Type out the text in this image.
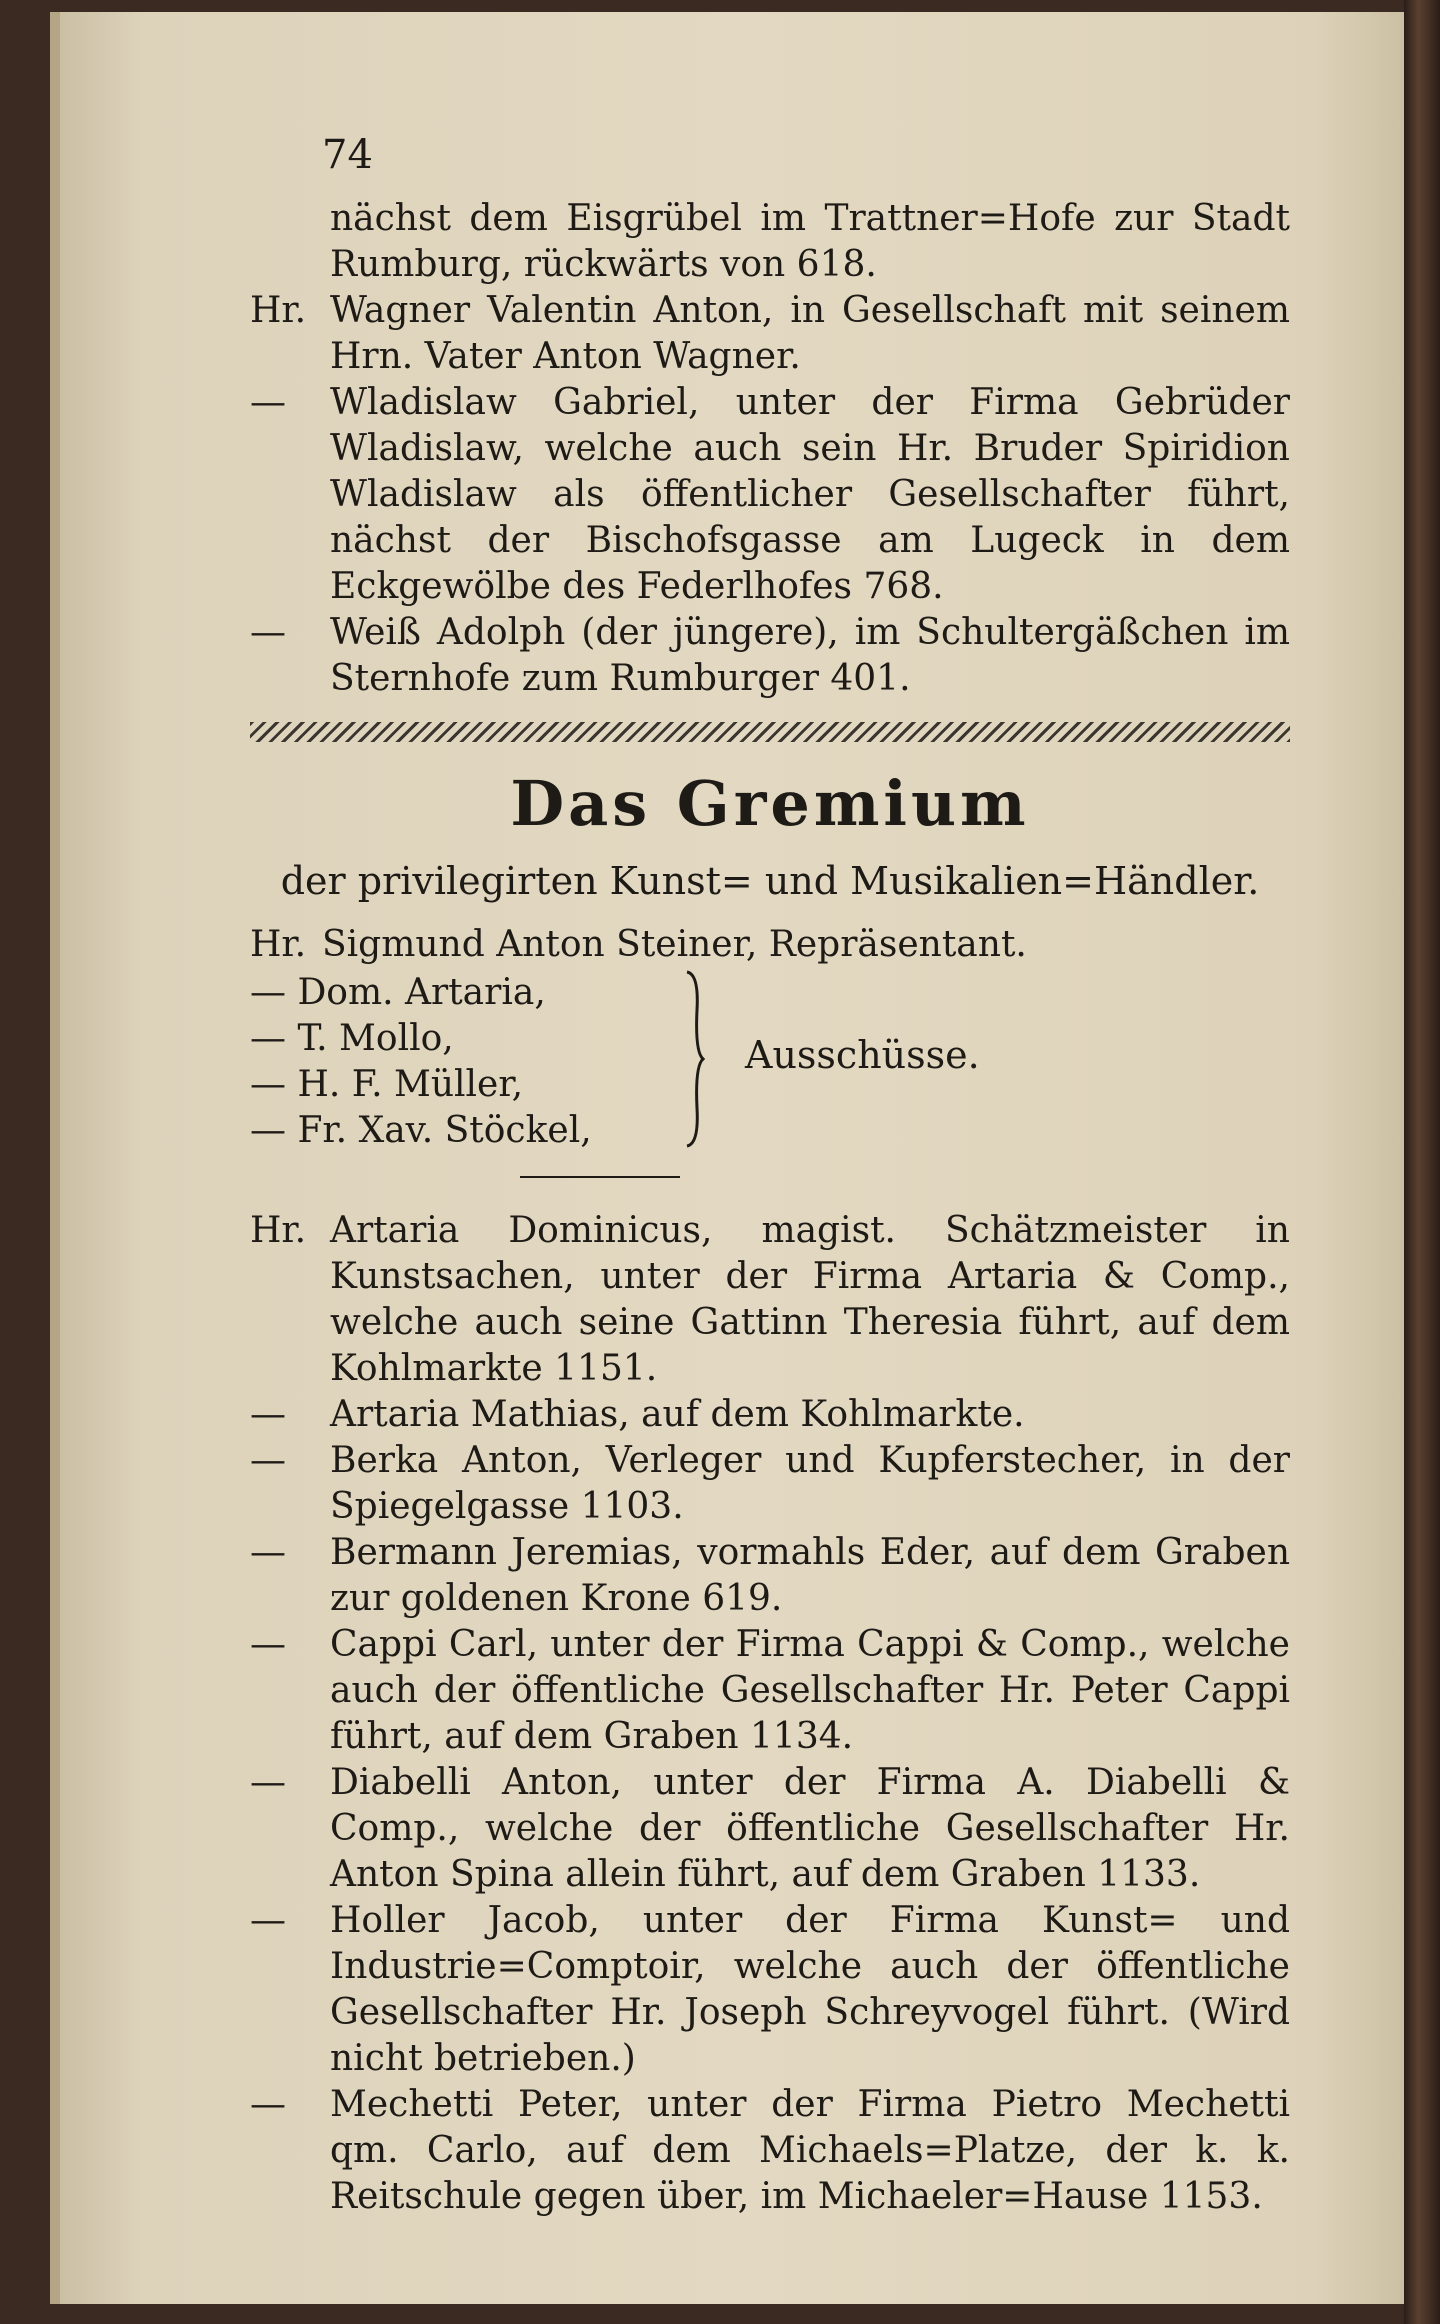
74
nächst dem Eisgrübel im Trattner=Hofe zur Stadt Rumburg, rückwärts von 618.
Hr. Wagner Valentin Anton, in Gesellschaft mit seinem Hrn. Vater Anton Wagner.
—	Wladislaw Gabriel, unter der Firma Gebrüder Wladislaw, welche auch sein Hr. Bruder Spiridion Wladislaw als öffentlicher Gesellschafter führt, nächst der Bischofsgasse am Lugeck in dem Eckgewölbe des Federlhofes 768.
—	Weiß Adolph (der jüngere), im Schultergäßchen im Sternhofe zum Rumburger 401.
Das Gremium
der privilegirten Kunst= und Musikalien=Händler.
Hr. Sigmund Anton Steiner, Repräsentant.
— Dom. Artaria,
— T. Mollo,
— H. F. Müller,
— Fr. Xav. Stöckel,
Ausschüsse.
Hr. Artaria Dominicus, magist. Schätzmeister in Kunstsachen, unter der Firma Artaria & Comp., welche auch seine Gattinn Theresia führt, auf dem Kohlmarkte 1151.
—	Artaria Mathias, auf dem Kohlmarkte.
—	Berka Anton, Verleger und Kupferstecher, in der Spiegelgasse 1103.
—	Bermann Jeremias, vormahls Eder, auf dem Graben zur goldenen Krone 619.
—	Cappi Carl, unter der Firma Cappi & Comp., welche auch der öffentliche Gesellschafter Hr. Peter Cappi führt, auf dem Graben 1134.
—	Diabelli Anton, unter der Firma A. Diabelli & Comp., welche der öffentliche Gesellschafter Hr. Anton Spina allein führt, auf dem Graben 1133.
—	Holler Jacob, unter der Firma Kunst= und Industrie=Comptoir, welche auch der öffentliche Gesellschafter Hr. Joseph Schreyvogel führt. (Wird nicht betrieben.)
—	Mechetti Peter, unter der Firma Pietro Mechetti qm. Carlo, auf dem Michaels=Platze, der k. k. Reitschule gegen über, im Michaeler=Hause 1153.
